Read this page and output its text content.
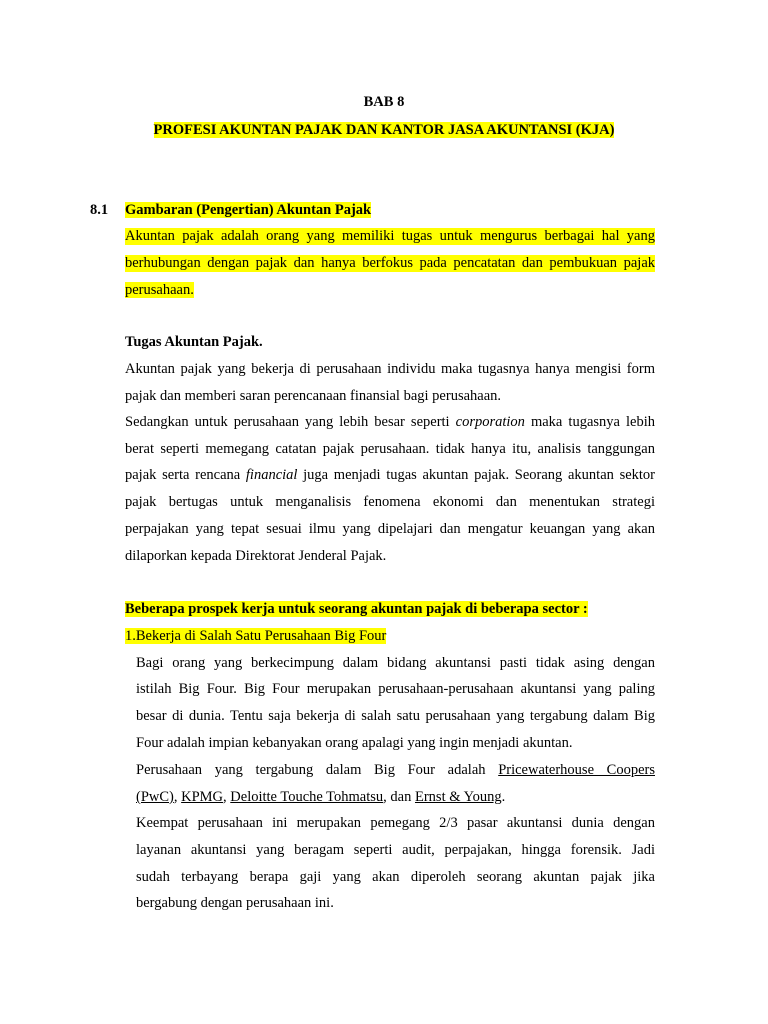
BAB 8
PROFESI AKUNTAN PAJAK DAN KANTOR JASA AKUNTANSI (KJA)
8.1 Gambaran (Pengertian) Akuntan Pajak
Akuntan pajak adalah orang yang memiliki tugas untuk mengurus berbagai hal yang
berhubungan dengan pajak dan hanya berfokus pada pencatatan dan pembukuan pajak
perusahaan.
Tugas Akuntan Pajak.
Akuntan pajak yang bekerja di perusahaan individu maka tugasnya hanya mengisi form
pajak dan memberi saran perencanaan finansial bagi perusahaan.
Sedangkan untuk perusahaan yang lebih besar seperti corporation maka tugasnya lebih
berat seperti memegang catatan pajak perusahaan. tidak hanya itu, analisis tanggungan
pajak serta rencana financial juga menjadi tugas akuntan pajak. Seorang akuntan sektor
pajak bertugas untuk menganalisis fenomena ekonomi dan menentukan strategi
perpajakan yang tepat sesuai ilmu yang dipelajari dan mengatur keuangan yang akan
dilaporkan kepada Direktorat Jenderal Pajak.
Beberapa prospek kerja untuk seorang akuntan pajak di beberapa sector :
1.Bekerja di Salah Satu Perusahaan Big Four
Bagi orang yang berkecimpung dalam bidang akuntansi pasti tidak asing dengan
istilah Big Four. Big Four merupakan perusahaan-perusahaan akuntansi yang paling
besar di dunia. Tentu saja bekerja di salah satu perusahaan yang tergabung dalam Big
Four adalah impian kebanyakan orang apalagi yang ingin menjadi akuntan.
Perusahaan yang tergabung dalam Big Four adalah Pricewaterhouse Coopers
(PwC), KPMG, Deloitte Touche Tohmatsu, dan Ernst & Young.
Keempat perusahaan ini merupakan pemegang 2/3 pasar akuntansi dunia dengan
layanan akuntansi yang beragam seperti audit, perpajakan, hingga forensik. Jadi
sudah terbayang berapa gaji yang akan diperoleh seorang akuntan pajak jika
bergabung dengan perusahaan ini.
